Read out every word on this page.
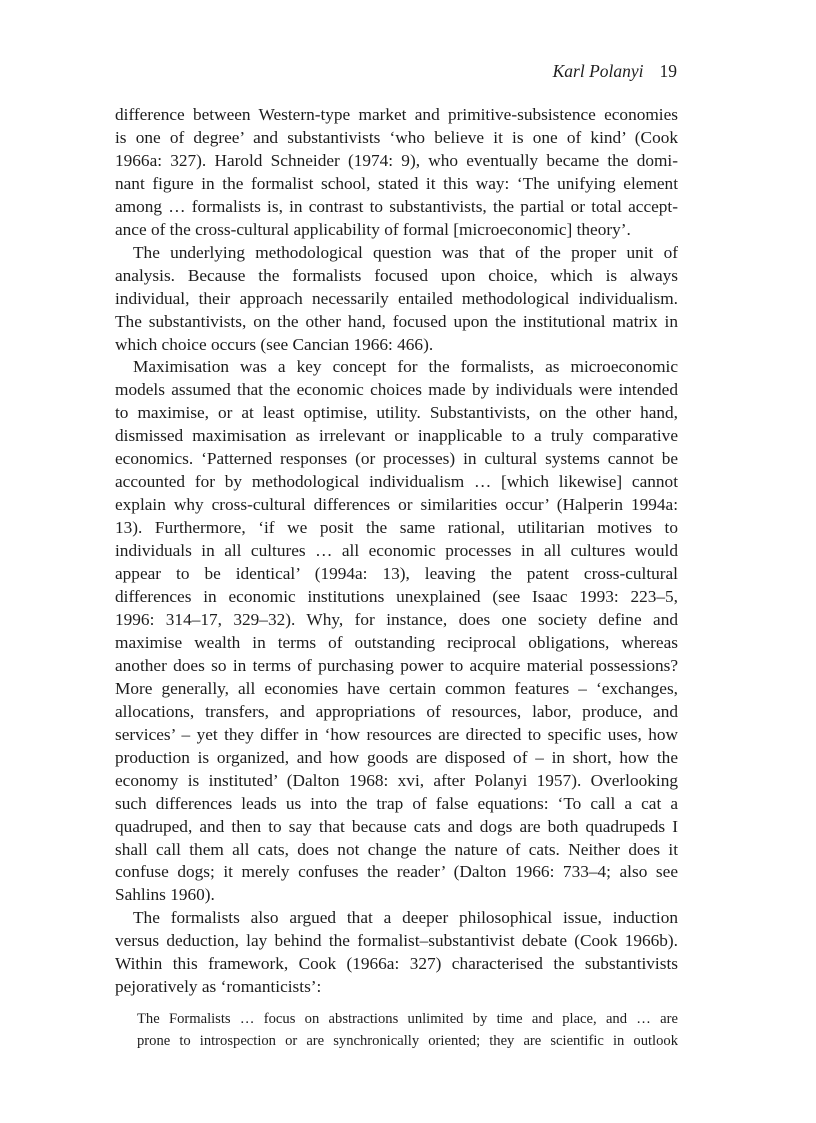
Karl Polanyi 19
difference between Western-type market and primitive-subsistence economies
is one of degree’ and substantivists ‘who believe it is one of kind’ (Cook
1966a: 327). Harold Schneider (1974: 9), who eventually became the domi-
nant figure in the formalist school, stated it this way: ‘The unifying element
among … formalists is, in contrast to substantivists, the partial or total accept-
ance of the cross-cultural applicability of formal [microeconomic] theory’.
The underlying methodological question was that of the proper unit of
analysis. Because the formalists focused upon choice, which is always
individual, their approach necessarily entailed methodological individualism.
The substantivists, on the other hand, focused upon the institutional matrix in
which choice occurs (see Cancian 1966: 466).
Maximisation was a key concept for the formalists, as microeconomic
models assumed that the economic choices made by individuals were intended
to maximise, or at least optimise, utility. Substantivists, on the other hand,
dismissed maximisation as irrelevant or inapplicable to a truly comparative
economics. ‘Patterned responses (or processes) in cultural systems cannot be
accounted for by methodological individualism … [which likewise] cannot
explain why cross-cultural differences or similarities occur’ (Halperin 1994a:
13). Furthermore, ‘if we posit the same rational, utilitarian motives to
individuals in all cultures … all economic processes in all cultures would
appear to be identical’ (1994a: 13), leaving the patent cross-cultural
differences in economic institutions unexplained (see Isaac 1993: 223–5,
1996: 314–17, 329–32). Why, for instance, does one society define and
maximise wealth in terms of outstanding reciprocal obligations, whereas
another does so in terms of purchasing power to acquire material possessions?
More generally, all economies have certain common features – ‘exchanges,
allocations, transfers, and appropriations of resources, labor, produce, and
services’ – yet they differ in ‘how resources are directed to specific uses, how
production is organized, and how goods are disposed of – in short, how the
economy is instituted’ (Dalton 1968: xvi, after Polanyi 1957). Overlooking
such differences leads us into the trap of false equations: ‘To call a cat a
quadruped, and then to say that because cats and dogs are both quadrupeds I
shall call them all cats, does not change the nature of cats. Neither does it
confuse dogs; it merely confuses the reader’ (Dalton 1966: 733–4; also see
Sahlins 1960).
The formalists also argued that a deeper philosophical issue, induction
versus deduction, lay behind the formalist–substantivist debate (Cook 1966b).
Within this framework, Cook (1966a: 327) characterised the substantivists
pejoratively as ‘romanticists’:
The Formalists … focus on abstractions unlimited by time and place, and … are
prone to introspection or are synchronically oriented; they are scientific in outlook
